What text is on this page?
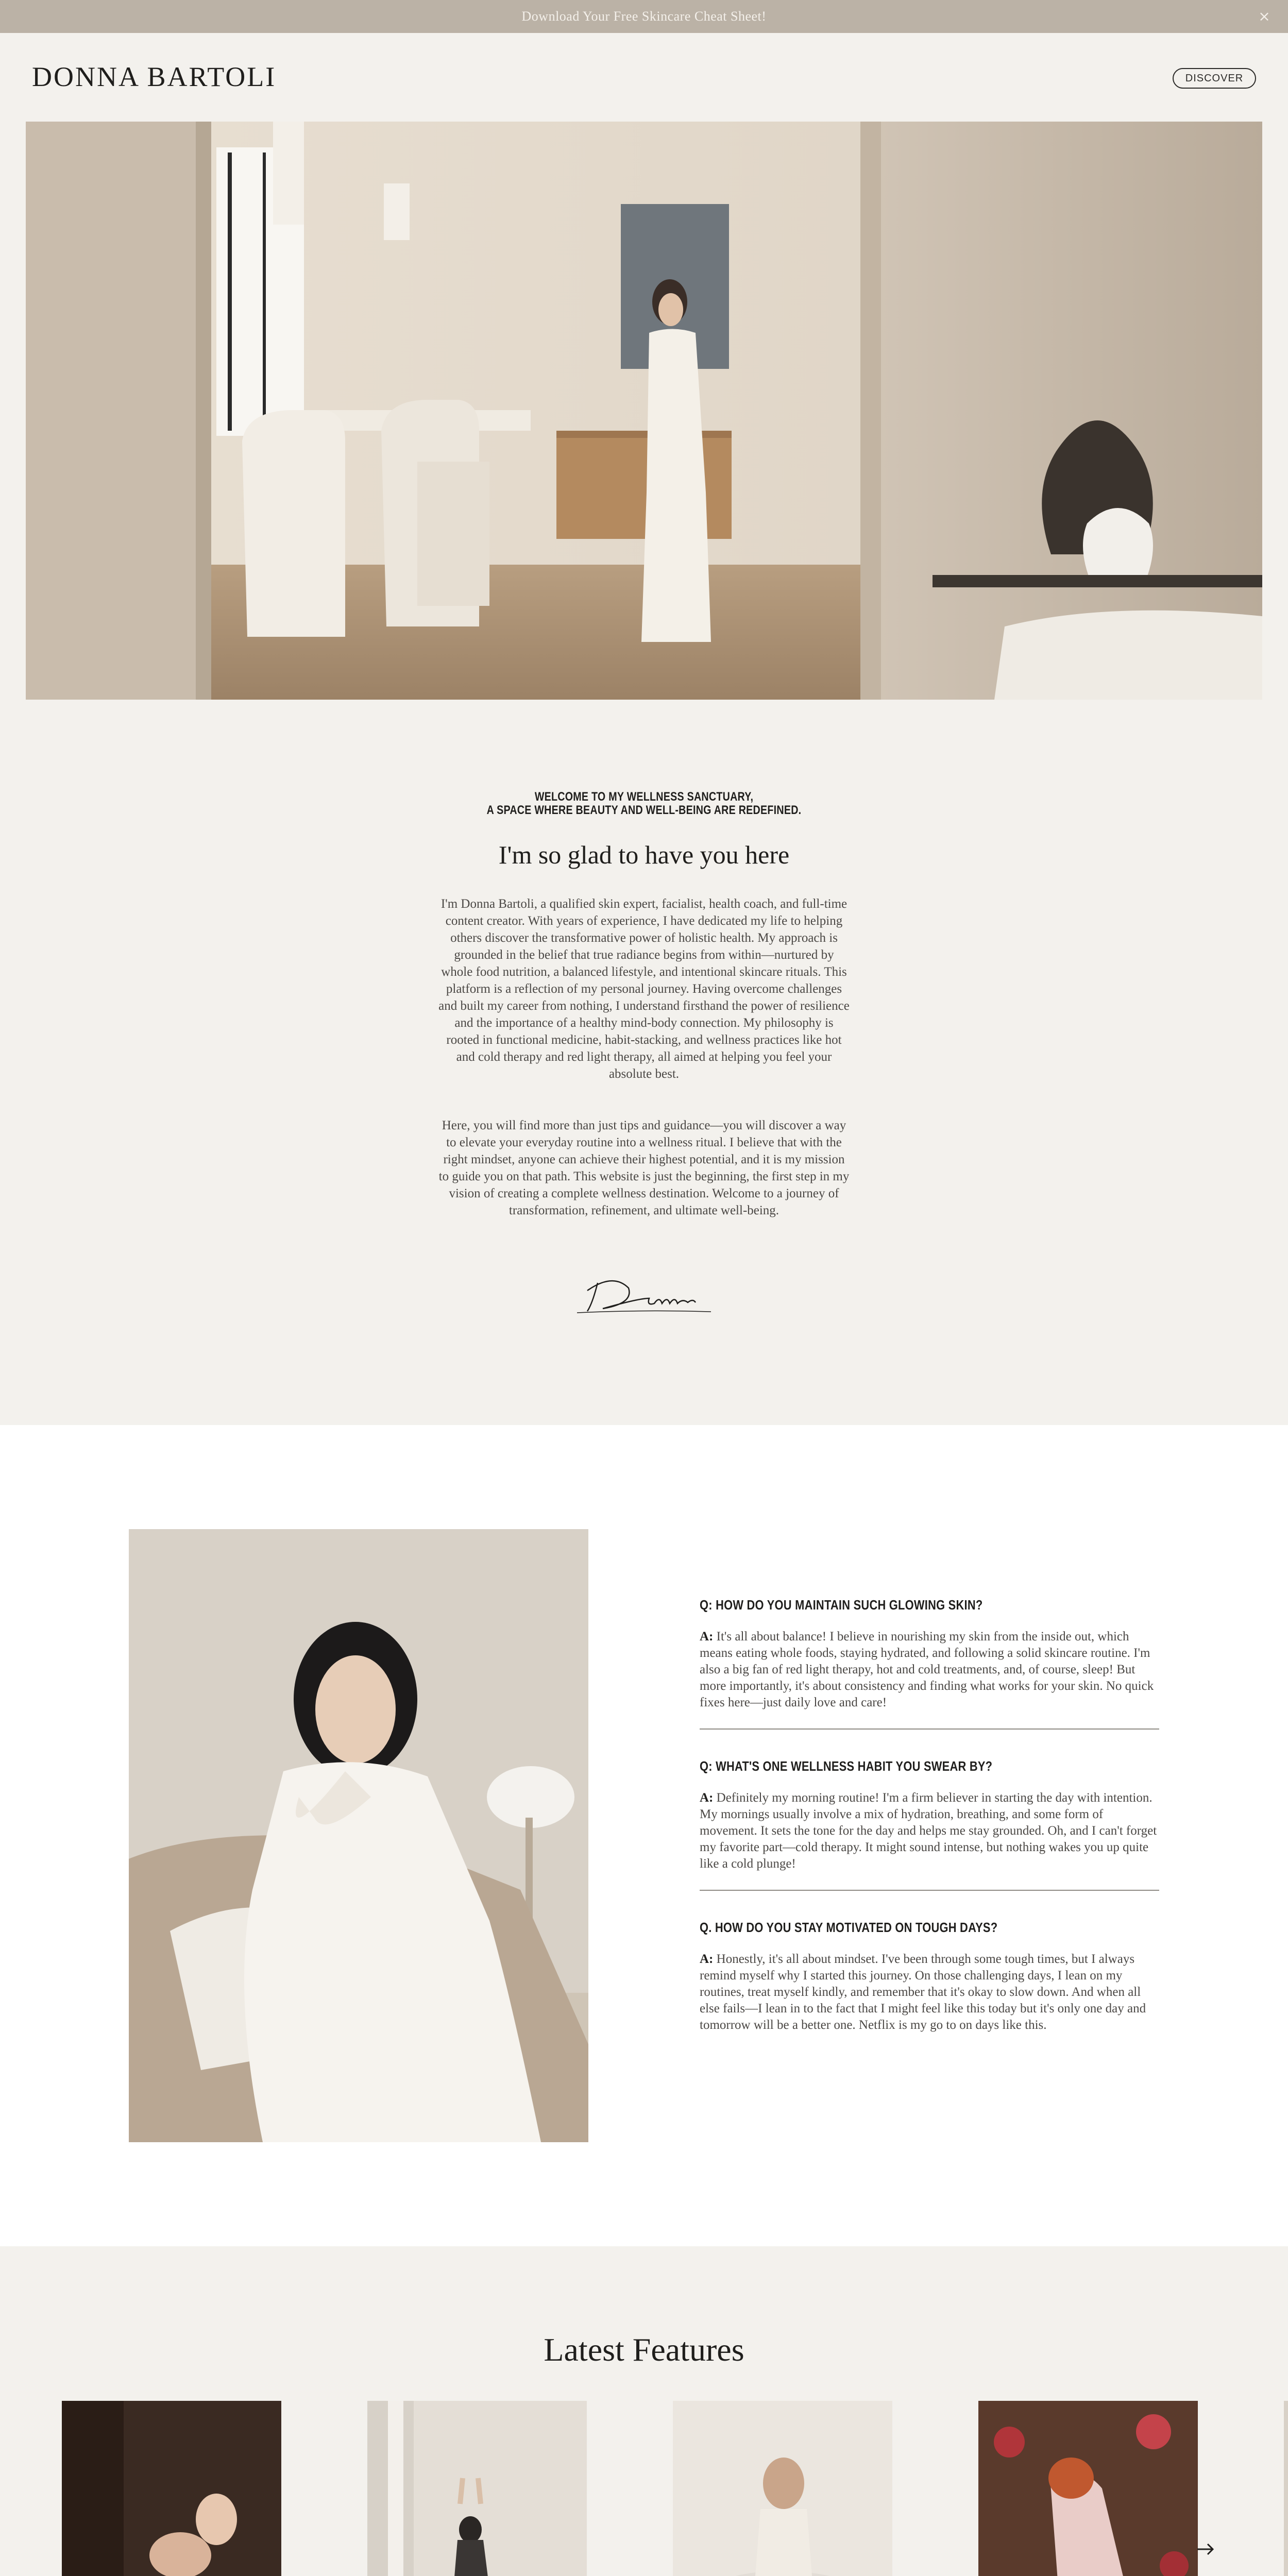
Download Your Free Skincare Cheat Sheet!	×
DONNA BARTOLI	DISCOVER
WELCOME TO MY WELLNESS SANCTUARY,
A SPACE WHERE BEAUTY AND WELL-BEING ARE REDEFINED.
I'm so glad to have you here

I'm Donna Bartoli, a qualified skin expert, facialist, health coach, and full-time content creator. With years of experience, I have dedicated my life to helping others discover the transformative power of holistic health. My approach is grounded in the belief that true radiance begins from within—nurtured by whole food nutrition, a balanced lifestyle, and intentional skincare rituals. This platform is a reflection of my personal journey. Having overcome challenges and built my career from nothing, I understand firsthand the power of resilience and the importance of a healthy mind-body connection. My philosophy is rooted in functional medicine, habit-stacking, and wellness practices like hot and cold therapy and red light therapy, all aimed at helping you feel your absolute best.

Here, you will find more than just tips and guidance—you will discover a way to elevate your everyday routine into a wellness ritual. I believe that with the right mindset, anyone can achieve their highest potential, and it is my mission to guide you on that path. This website is just the beginning, the first step in my vision of creating a complete wellness destination. Welcome to a journey of transformation, refinement, and ultimate well-being.

Q: HOW DO YOU MAINTAIN SUCH GLOWING SKIN?

A: It's all about balance! I believe in nourishing my skin from the inside out, which means eating whole foods, staying hydrated, and following a solid skincare routine. I'm also a big fan of red light therapy, hot and cold treatments, and, of course, sleep! But more importantly, it's about consistency and finding what works for your skin. No quick fixes here—just daily love and care!

Q: WHAT'S ONE WELLNESS HABIT YOU SWEAR BY?

A: Definitely my morning routine! I'm a firm believer in starting the day with intention. My mornings usually involve a mix of hydration, breathing, and some form of movement. It sets the tone for the day and helps me stay grounded. Oh, and I can't forget my favorite part—cold therapy. It might sound intense, but nothing wakes you up quite like a cold plunge!

Q. HOW DO YOU STAY MOTIVATED ON TOUGH DAYS?

A: Honestly, it's all about mindset. I've been through some tough times, but I always remind myself why I started this journey. On those challenging days, I lean on my routines, treat myself kindly, and remember that it's okay to slow down. And when all else fails—I lean in to the fact that I might feel like this today but it's only one day and tomorrow will be a better one. Netflix is my go to on days like this.

Latest Features
